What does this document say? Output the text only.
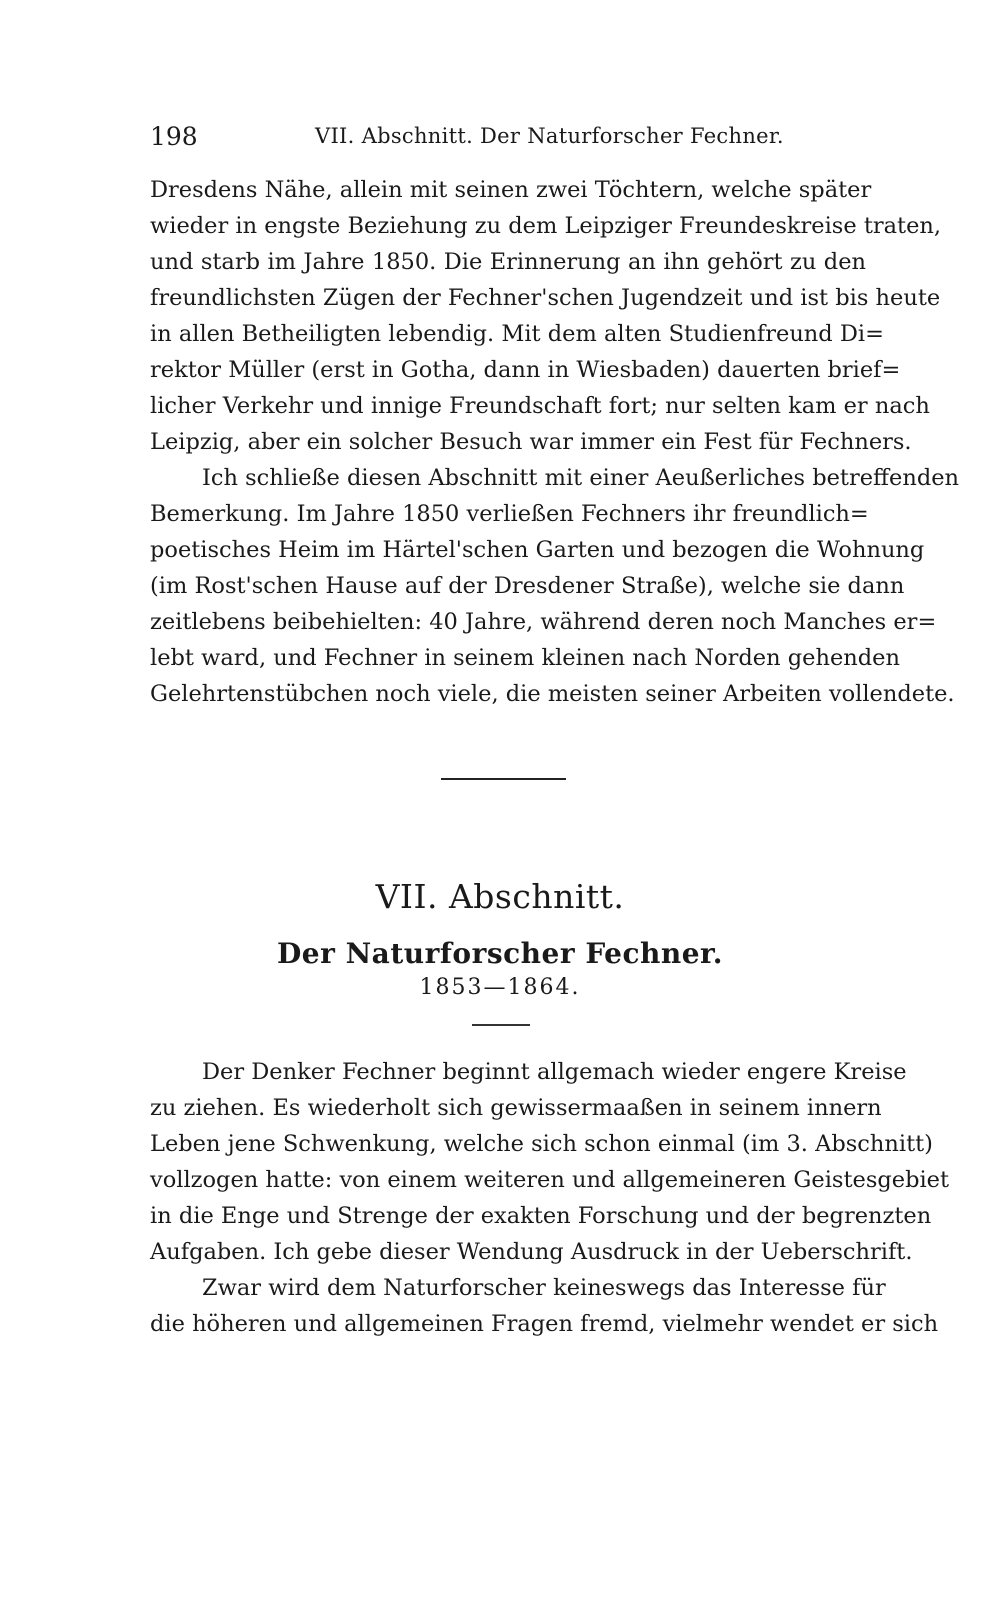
198	VII. Abschnitt. Der Naturforscher Fechner.
Dresdens Nähe, allein mit seinen zwei Töchtern, welche später
wieder in engste Beziehung zu dem Leipziger Freundeskreise traten,
und starb im Jahre 1850. Die Erinnerung an ihn gehört zu den
freundlichsten Zügen der Fechner'schen Jugendzeit und ist bis heute
in allen Betheiligten lebendig. Mit dem alten Studienfreund Di=
rektor Müller (erst in Gotha, dann in Wiesbaden) dauerten brief=
licher Verkehr und innige Freundschaft fort; nur selten kam er nach
Leipzig, aber ein solcher Besuch war immer ein Fest für Fechners.
Ich schließe diesen Abschnitt mit einer Aeußerliches betreffenden
Bemerkung. Im Jahre 1850 verließen Fechners ihr freundlich=
poetisches Heim im Härtel'schen Garten und bezogen die Wohnung
(im Rost'schen Hause auf der Dresdener Straße), welche sie dann
zeitlebens beibehielten: 40 Jahre, während deren noch Manches er=
lebt ward, und Fechner in seinem kleinen nach Norden gehenden
Gelehrtenstübchen noch viele, die meisten seiner Arbeiten vollendete.
VII. Abschnitt.
Der Naturforscher Fechner.
1853—1864.
Der Denker Fechner beginnt allgemach wieder engere Kreise
zu ziehen. Es wiederholt sich gewissermaaßen in seinem innern
Leben jene Schwenkung, welche sich schon einmal (im 3. Abschnitt)
vollzogen hatte: von einem weiteren und allgemeineren Geistesgebiet
in die Enge und Strenge der exakten Forschung und der begrenzten
Aufgaben. Ich gebe dieser Wendung Ausdruck in der Ueberschrift.
Zwar wird dem Naturforscher keineswegs das Interesse für
die höheren und allgemeinen Fragen fremd, vielmehr wendet er sich
